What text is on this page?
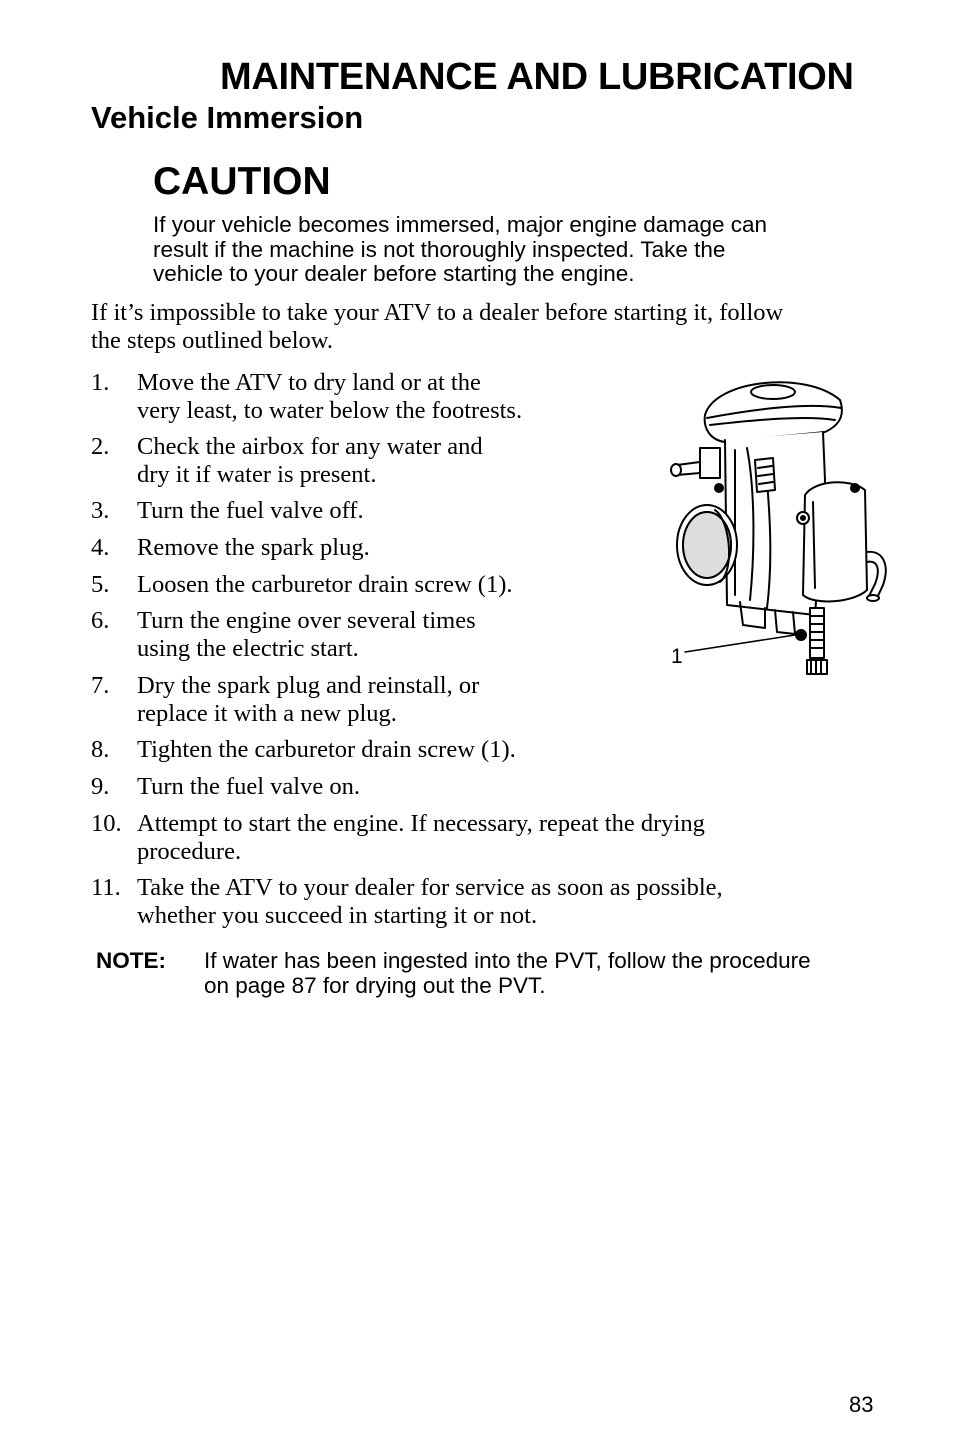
MAINTENANCE AND LUBRICATION
Vehicle Immersion
CAUTION
If your vehicle becomes immersed, major engine damage can
result if the machine is not thoroughly inspected. Take the
vehicle to your dealer before starting the engine.
If it’s impossible to take your ATV to a dealer before starting it, follow
the steps outlined below.
1. Move the ATV to dry land or at the
very least, to water below the footrests.
2. Check the airbox for any water and
dry it if water is present.
3. Turn the fuel valve off.
4. Remove the spark plug.
5. Loosen the carburetor drain screw (1).
6. Turn the engine over several times
using the electric start.
7. Dry the spark plug and reinstall, or
replace it with a new plug.
8. Tighten the carburetor drain screw (1).
9. Turn the fuel valve on.
10. Attempt to start the engine. If necessary, repeat the drying
procedure.
11. Take the ATV to your dealer for service as soon as possible,
whether you succeed in starting it or not.
NOTE: If water has been ingested into the PVT, follow the procedure
on page 87 for drying out the PVT.
1
83
